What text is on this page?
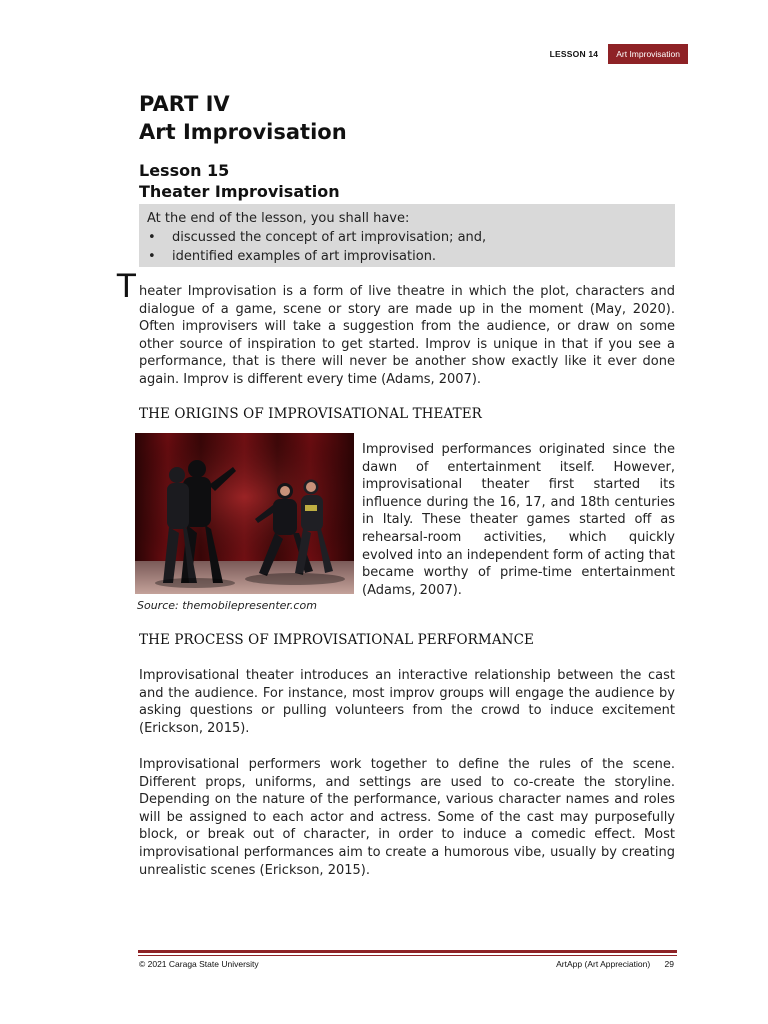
LESSON 14	Art Improvisation
PART IV
Art Improvisation
Lesson 15
Theater Improvisation
At the end of the lesson, you shall have:
• discussed the concept of art improvisation; and,
• identified examples of art improvisation.
T heater Improvisation is a form of live theatre in which the plot, characters and dialogue of a game, scene or story are made up in the moment (May, 2020). Often improvisers will take a suggestion from the audience, or draw on some other source of inspiration to get started. Improv is unique in that if you see a performance, that is there will never be another show exactly like it ever done again. Improv is different every time (Adams, 2007).

THE ORIGINS OF IMPROVISATIONAL THEATER
Source: themobilepresenter.com

Improvised performances originated since the dawn of entertainment itself. However, improvisational theater first started its influence during the 16, 17, and 18th centuries in Italy. These theater games started off as rehearsal-room activities, which quickly evolved into an independent form of acting that became worthy of prime-time entertainment (Adams, 2007).

THE PROCESS OF IMPROVISATIONAL PERFORMANCE

Improvisational theater introduces an interactive relationship between the cast and the audience. For instance, most improv groups will engage the audience by asking questions or pulling volunteers from the crowd to induce excitement (Erickson, 2015).

Improvisational performers work together to define the rules of the scene. Different props, uniforms, and settings are used to co-create the storyline. Depending on the nature of the performance, various character names and roles will be assigned to each actor and actress. Some of the cast may purposefully block, or break out of character, in order to induce a comedic effect. Most improvisational performances aim to create a humorous vibe, usually by creating unrealistic scenes (Erickson, 2015).

© 2021 Caraga State University	ArtApp (Art Appreciation) 29
